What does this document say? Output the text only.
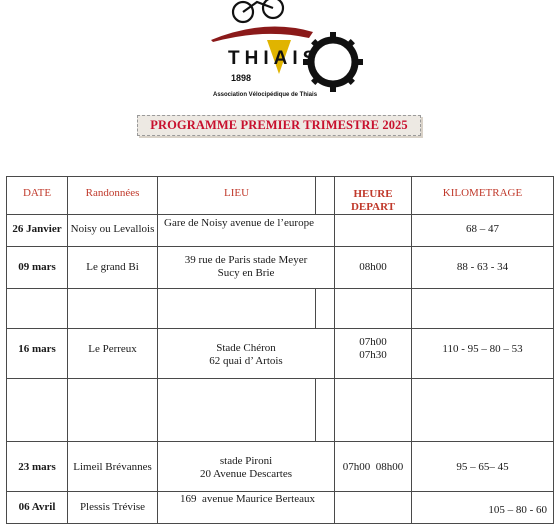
THIAIS
1898
Association Vélocipédique de Thiais
PROGRAMME PREMIER TRIMESTRE 2025
DATE	Randonnées	LIEU		HEURE
DEPART	KILOMETRAGE

26 Janvier	Noisy ou Levallois	Gare de Noisy avenue de l’europe			68 – 47

09 mars	Le grand Bi	39 rue de Paris stade Meyer
Sucy en Brie		08h00	88 - 63 - 34

16 mars	Le Perreux	Stade Chéron
62 quai d’ Artois		07h00
07h30	110 - 95 – 80 – 53

23 mars	Limeil Brévannes	stade Pironi
20 Avenue Descartes		07h00  08h00	95 – 65– 45

06 Avril	Plessis Trévise	169  avenue Maurice Berteaux			105 – 80 - 60
